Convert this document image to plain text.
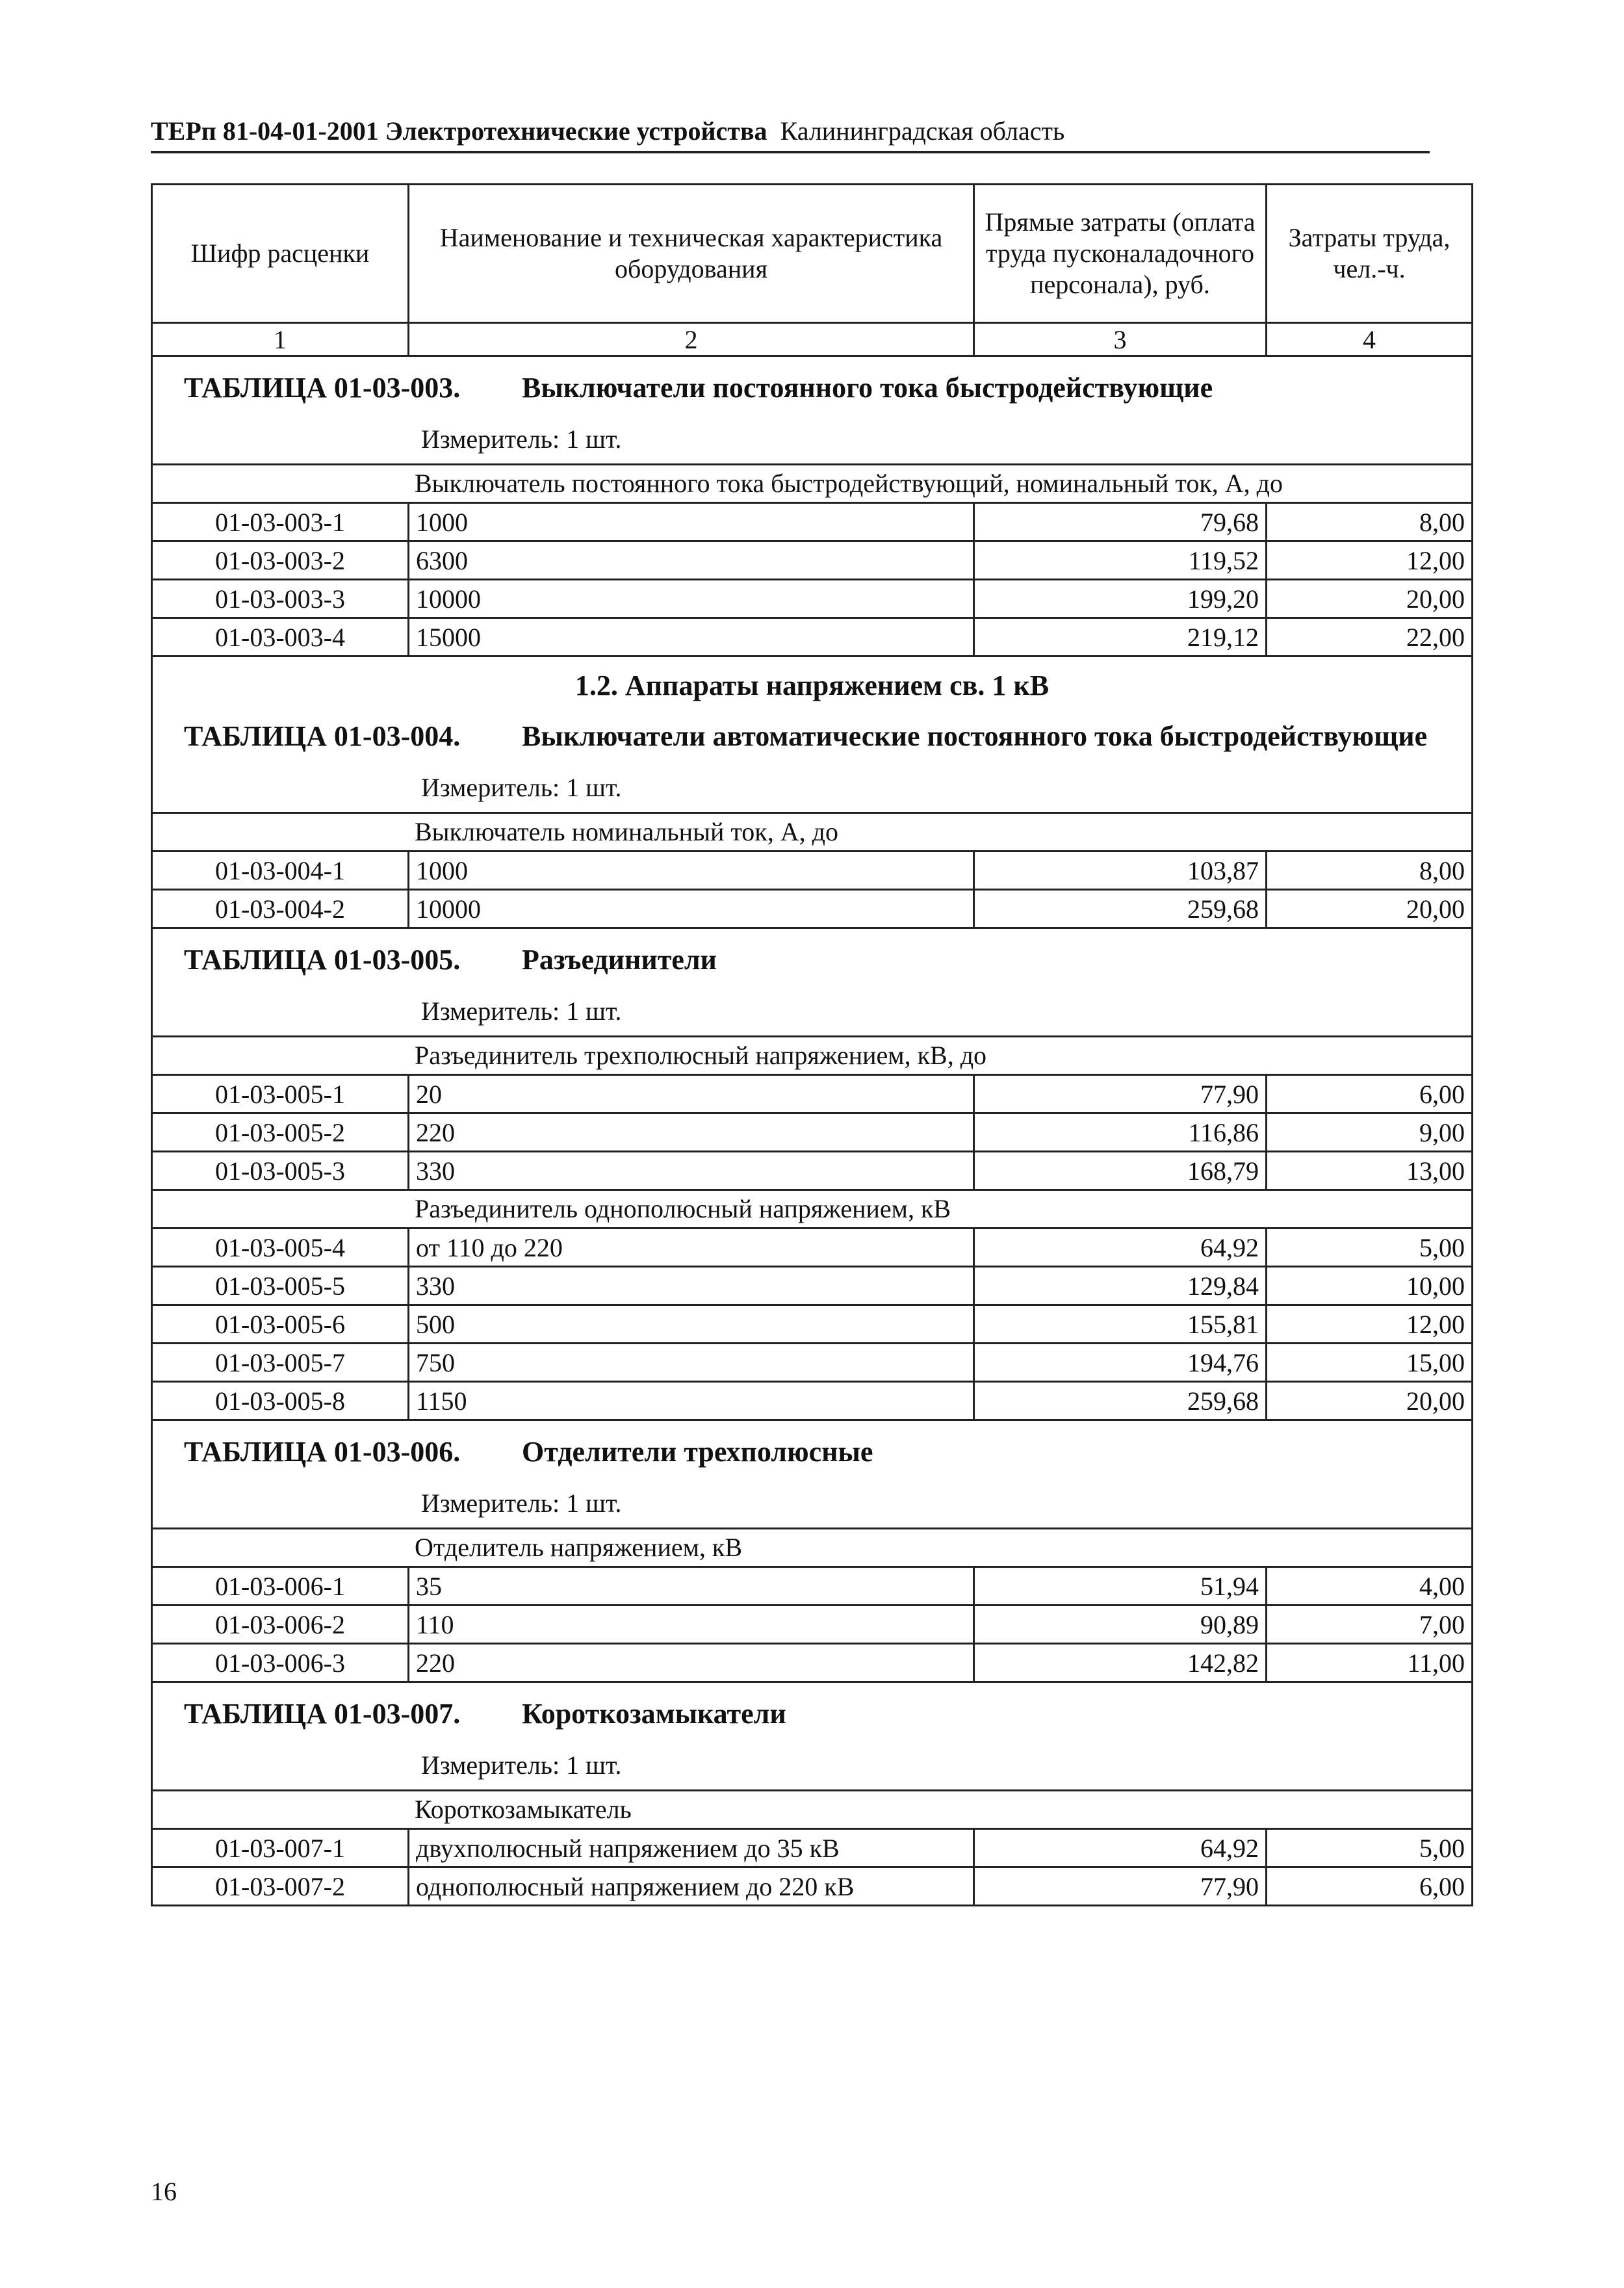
ТЕРп 81-04-01-2001 Электротехнические устройства Калининградская область
Шифр расценки	Наименование и техническая характеристика оборудования	Прямые затраты (оплата труда пусконаладочного персонала), руб.	Затраты труда, чел.-ч.
1	2	3	4

ТАБЛИЦА 01-03-003. Выключатели постоянного тока быстродействующие
Измеритель: 1 шт.			

Выключатель постоянного тока быстродействующий, номинальный ток, А, до			
01-03-003-1	1000	79,68	8,00
01-03-003-2	6300	119,52	12,00
01-03-003-3	10000	199,20	20,00
01-03-003-4	15000	219,12	22,00

1.2. Аппараты напряжением св. 1 кВ
ТАБЛИЦА 01-03-004. Выключатели автоматические постоянного тока быстродействующие
Измеритель: 1 шт.			

Выключатель номинальный ток, А, до			
01-03-004-1	1000	103,87	8,00
01-03-004-2	10000	259,68	20,00

ТАБЛИЦА 01-03-005. Разъединители
Измеритель: 1 шт.			

Разъединитель трехполюсный напряжением, кВ, до			
01-03-005-1	20	77,90	6,00
01-03-005-2	220	116,86	9,00
01-03-005-3	330	168,79	13,00
Разъединитель однополюсный напряжением, кВ			
01-03-005-4	от 110 до 220	64,92	5,00
01-03-005-5	330	129,84	10,00
01-03-005-6	500	155,81	12,00
01-03-005-7	750	194,76	15,00
01-03-005-8	1150	259,68	20,00

ТАБЛИЦА 01-03-006. Отделители трехполюсные
Измеритель: 1 шт.			

Отделитель напряжением, кВ			
01-03-006-1	35	51,94	4,00
01-03-006-2	110	90,89	7,00
01-03-006-3	220	142,82	11,00

ТАБЛИЦА 01-03-007. Короткозамыкатели
Измеритель: 1 шт.			

Короткозамыкатель			
01-03-007-1	двухполюсный напряжением до 35 кВ	64,92	5,00
01-03-007-2	однополюсный напряжением до 220 кВ	77,90	6,00
16
